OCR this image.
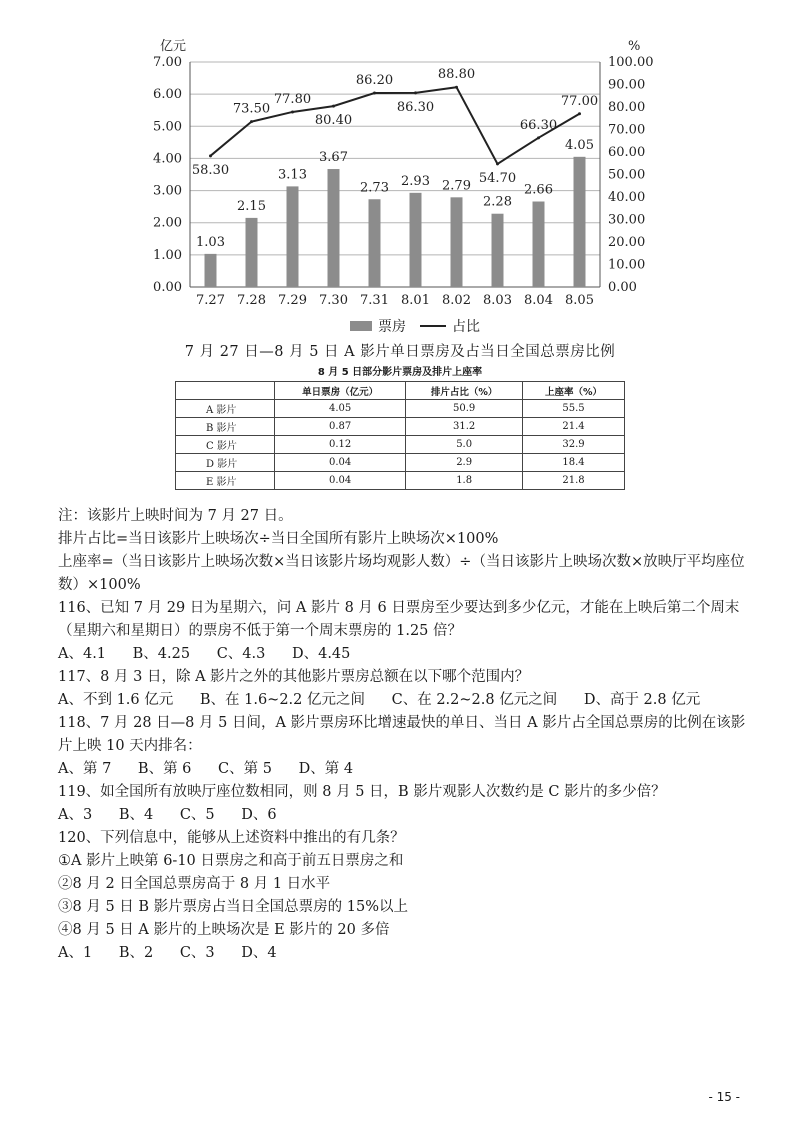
亿元	%
0.00
1.00
2.00
3.00
4.00
5.00
6.00
7.00
0.00
10.00
20.00
30.00
40.00
50.00
60.00
70.00
80.00
90.00
100.00
1.03
2.15
3.13
3.67
2.73 2.93 2.79
2.28
2.66
4.05
7.27 7.28 7.29 7.30 7.31 8.01 8.02 8.03 8.04 8.05
58.30
73.50
77.80
80.40
86.20
86.30
88.80
54.70
66.30
77.00
票房	占比
7 月 27 日—8 月 5 日 A 影片单日票房及占当日全国总票房比例
8 月 5 日部分影片票房及排片上座率
	单日票房（亿元）	排片占比（%）	上座率（%）
A 影片	4.05	50.9	55.5
B 影片	0.87	31.2	21.4
C 影片	0.12	5.0	32.9
D 影片	0.04	2.9	18.4
E 影片	0.04	1.8	21.8

注：该影片上映时间为 7 月 27 日。

排片占比=当日该影片上映场次÷当日全国所有影片上映场次×100%

上座率=（当日该影片上映场次数×当日该影片场均观影人数）÷（当日该影片上映场次数×放映厅平均座位数）×100%

116、已知 7 月 29 日为星期六，问 A 影片 8 月 6 日票房至少要达到多少亿元，才能在上映后第二个周末（星期六和星期日）的票房不低于第一个周末票房的 1.25 倍？

A、4.1 B、4.25 C、4.3 D、4.45

117、8 月 3 日，除 A 影片之外的其他影片票房总额在以下哪个范围内？

A、不到 1.6 亿元 B、在 1.6~2.2 亿元之间 C、在 2.2~2.8 亿元之间 D、高于 2.8 亿元

118、7 月 28 日—8 月 5 日间，A 影片票房环比增速最快的单日、当日 A 影片占全国总票房的比例在该影片上映 10 天内排名：

A、第 7 B、第 6 C、第 5 D、第 4

119、如全国所有放映厅座位数相同，则 8 月 5 日，B 影片观影人次数约是 C 影片的多少倍？

A、3 B、4 C、5 D、6

120、下列信息中，能够从上述资料中推出的有几条？

①A 影片上映第 6-10 日票房之和高于前五日票房之和

②8 月 2 日全国总票房高于 8 月 1 日水平

③8 月 5 日 B 影片票房占当日全国总票房的 15%以上

④8 月 5 日 A 影片的上映场次是 E 影片的 20 多倍

A、1 B、2 C、3 D、4

- 15 -
